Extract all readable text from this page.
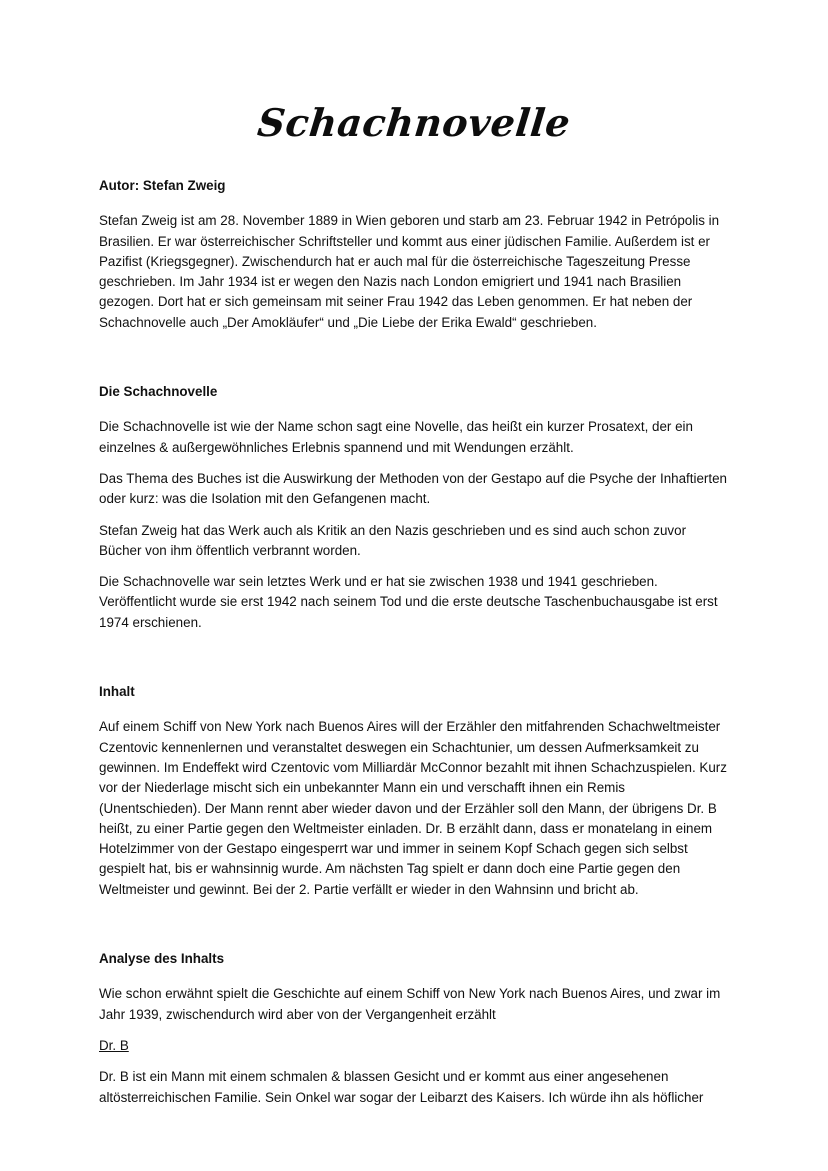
Schachnovelle
Autor: Stefan Zweig

Stefan Zweig ist am 28. November 1889 in Wien geboren und starb am 23. Februar 1942 in Petrópolis in Brasilien. Er war österreichischer Schriftsteller und kommt aus einer jüdischen Familie. Außerdem ist er Pazifist (Kriegsgegner). Zwischendurch hat er auch mal für die österreichische Tageszeitung Presse geschrieben. Im Jahr 1934 ist er wegen den Nazis nach London emigriert und 1941 nach Brasilien gezogen. Dort hat er sich gemeinsam mit seiner Frau 1942 das Leben genommen. Er hat neben der Schachnovelle auch „Der Amokläufer“ und „Die Liebe der Erika Ewald“ geschrieben.

Die Schachnovelle

Die Schachnovelle ist wie der Name schon sagt eine Novelle, das heißt ein kurzer Prosatext, der ein einzelnes & außergewöhnliches Erlebnis spannend und mit Wendungen erzählt.

Das Thema des Buches ist die Auswirkung der Methoden von der Gestapo auf die Psyche der Inhaftierten oder kurz: was die Isolation mit den Gefangenen macht.

Stefan Zweig hat das Werk auch als Kritik an den Nazis geschrieben und es sind auch schon zuvor Bücher von ihm öffentlich verbrannt worden.

Die Schachnovelle war sein letztes Werk und er hat sie zwischen 1938 und 1941 geschrieben. Veröffentlicht wurde sie erst 1942 nach seinem Tod und die erste deutsche Taschenbuchausgabe ist erst 1974 erschienen.

Inhalt

Auf einem Schiff von New York nach Buenos Aires will der Erzähler den mitfahrenden Schachweltmeister Czentovic kennenlernen und veranstaltet deswegen ein Schachtunier, um dessen Aufmerksamkeit zu gewinnen. Im Endeffekt wird Czentovic vom Milliardär McConnor bezahlt mit ihnen Schachzuspielen. Kurz vor der Niederlage mischt sich ein unbekannter Mann ein und verschafft ihnen ein Remis (Unentschieden). Der Mann rennt aber wieder davon und der Erzähler soll den Mann, der übrigens Dr. B heißt, zu einer Partie gegen den Weltmeister einladen. Dr. B erzählt dann, dass er monatelang in einem Hotelzimmer von der Gestapo eingesperrt war und immer in seinem Kopf Schach gegen sich selbst gespielt hat, bis er wahnsinnig wurde. Am nächsten Tag spielt er dann doch eine Partie gegen den Weltmeister und gewinnt. Bei der 2. Partie verfällt er wieder in den Wahnsinn und bricht ab.

Analyse des Inhalts

Wie schon erwähnt spielt die Geschichte auf einem Schiff von New York nach Buenos Aires, und zwar im Jahr 1939, zwischendurch wird aber von der Vergangenheit erzählt

Dr. B

Dr. B ist ein Mann mit einem schmalen & blassen Gesicht und er kommt aus einer angesehenen altösterreichischen Familie. Sein Onkel war sogar der Leibarzt des Kaisers. Ich würde ihn als höflicher
